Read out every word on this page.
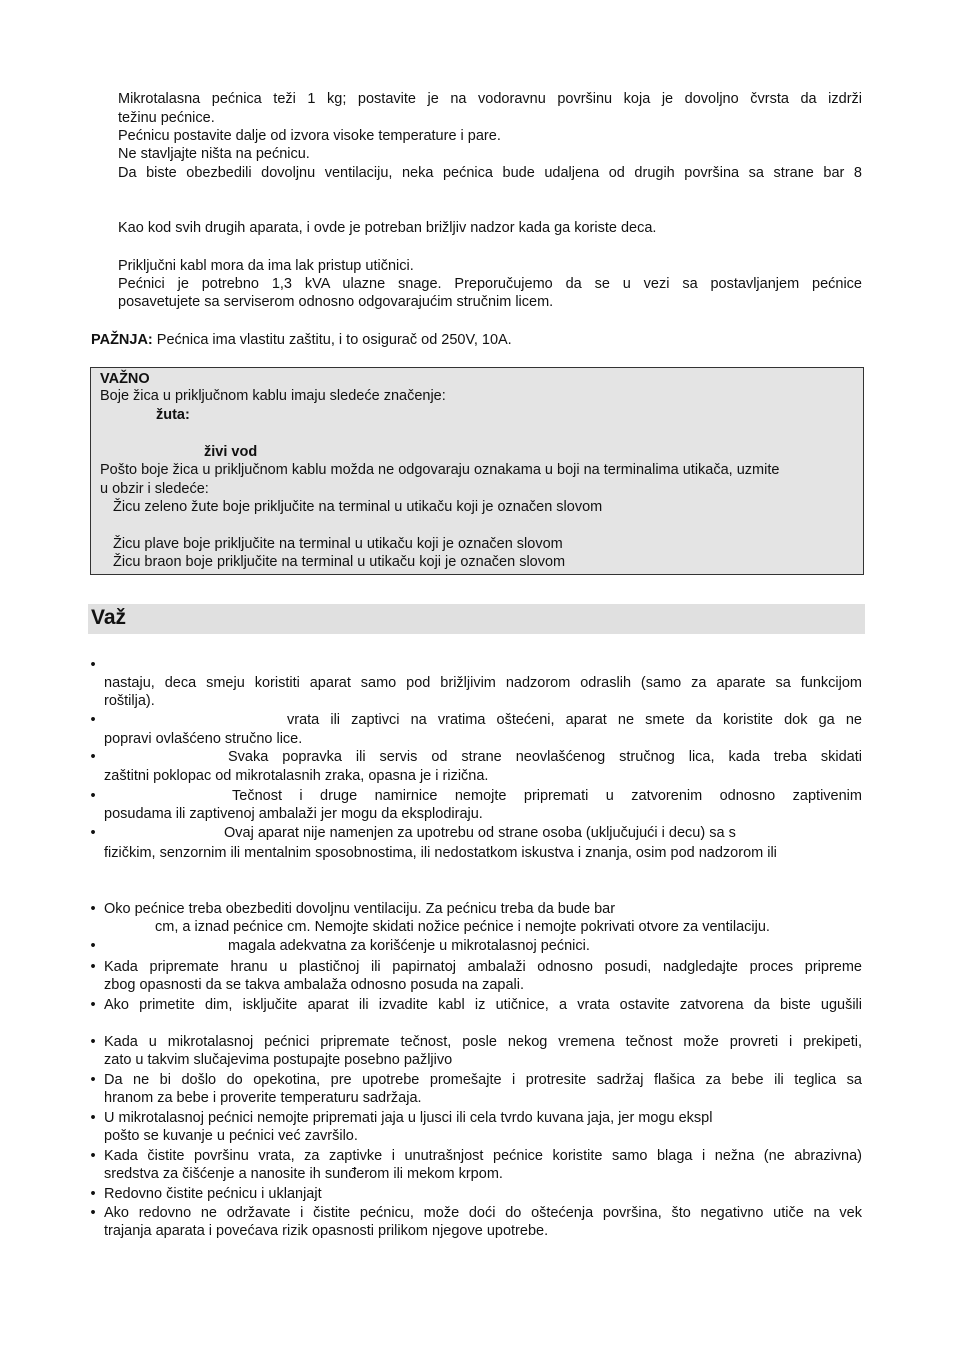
Mikrotalasna pećnica teži 1 kg; postavite je na vodoravnu površinu koja je dovoljno čvrsta da izdrži
težinu pećnice.
Pećnicu postavite dalje od izvora visoke temperature i pare.
Ne stavljajte ništa na pećnicu.
Da biste obezbedili dovoljnu ventilaciju, neka pećnica bude udaljena od drugih površina sa strane bar 8
Kao kod svih drugih aparata, i ovde je potreban brižljiv nadzor kada ga koriste deca.
Priključni kabl mora da ima lak pristup utičnici.
Pećnici je potrebno 1,3 kVA ulazne snage. Preporučujemo da se u vezi sa postavljanjem pećnice
posavetujete sa serviserom odnosno odgovarajućim stručnim licem.
PAŽNJA: Pećnica ima vlastitu zaštitu, i to osigurač od 250V, 10A.
VAŽNO
Boje žica u priključnom kablu imaju sledeće značenje:
žuta:
živi vod
Pošto boje žica u priključnom kablu možda ne odgovaraju oznakama u boji na terminalima utikača, uzmite
u obzir i sledeće:
Žicu zeleno žute boje priključite na terminal u utikaču koji je označen slovom
Žicu plave boje priključite na terminal u utikaču koji je označen slovom
Žicu braon boje priključite na terminal u utikaču koji je označen slovom
Važ
•
nastaju, deca smeju koristiti aparat samo pod brižljivim nadzorom odraslih (samo za aparate sa funkcijom
roštilja).
•	vrata ili zaptivci na vratima oštećeni, aparat ne smete da koristite dok ga ne
popravi ovlašćeno stručno lice.
•	Svaka popravka ili servis od strane neovlašćenog stručnog lica, kada treba skidati
zaštitni poklopac od mikrotalasnih zraka, opasna je i rizična.
•	Tečnost i druge namirnice nemojte pripremati u zatvorenim odnosno zaptivenim
posudama ili zaptivenoj ambalaži jer mogu da eksplodiraju.
•	Ovaj aparat nije namenjen za upotrebu od strane osoba (uključujući i decu) sa s
fizičkim, senzornim ili mentalnim sposobnostima, ili nedostatkom iskustva i znanja, osim pod nadzorom ili
• Oko pećnice treba obezbediti dovoljnu ventilaciju. Za pećnicu treba da bude bar
cm, a iznad pećnice cm. Nemojte skidati nožice pećnice i nemojte pokrivati otvore za ventilaciju.
•	magala adekvatna za korišćenje u mikrotalasnoj pećnici.
• Kada pripremate hranu u plastičnoj ili papirnatoj ambalaži odnosno posudi, nadgledajte proces pripreme
zbog opasnosti da se takva ambalaža odnosno posuda na zapali.
• Ako primetite dim, isključite aparat ili izvadite kabl iz utičnice, a vrata ostavite zatvorena da biste ugušili
• Kada u mikrotalasnoj pećnici pripremate tečnost, posle nekog vremena tečnost može provreti i prekipeti,
zato u takvim slučajevima postupajte posebno pažljivo
• Da ne bi došlo do opekotina, pre upotrebe promešajte i protresite sadržaj flašica za bebe ili teglica sa
hranom za bebe i proverite temperaturu sadržaja.
• U mikrotalasnoj pećnici nemojte pripremati jaja u ljusci ili cela tvrdo kuvana jaja, jer mogu ekspl
pošto se kuvanje u pećnici već završilo.
• Kada čistite površinu vrata, za zaptivke i unutrašnjost pećnice koristite samo blaga i nežna (ne abrazivna)
sredstva za čišćenje a nanosite ih sunđerom ili mekom krpom.
• Redovno čistite pećnicu i uklanjajt
• Ako redovno ne održavate i čistite pećnicu, može doći do oštećenja površina, što negativno utiče na vek
trajanja aparata i povećava rizik opasnosti prilikom njegove upotrebe.
